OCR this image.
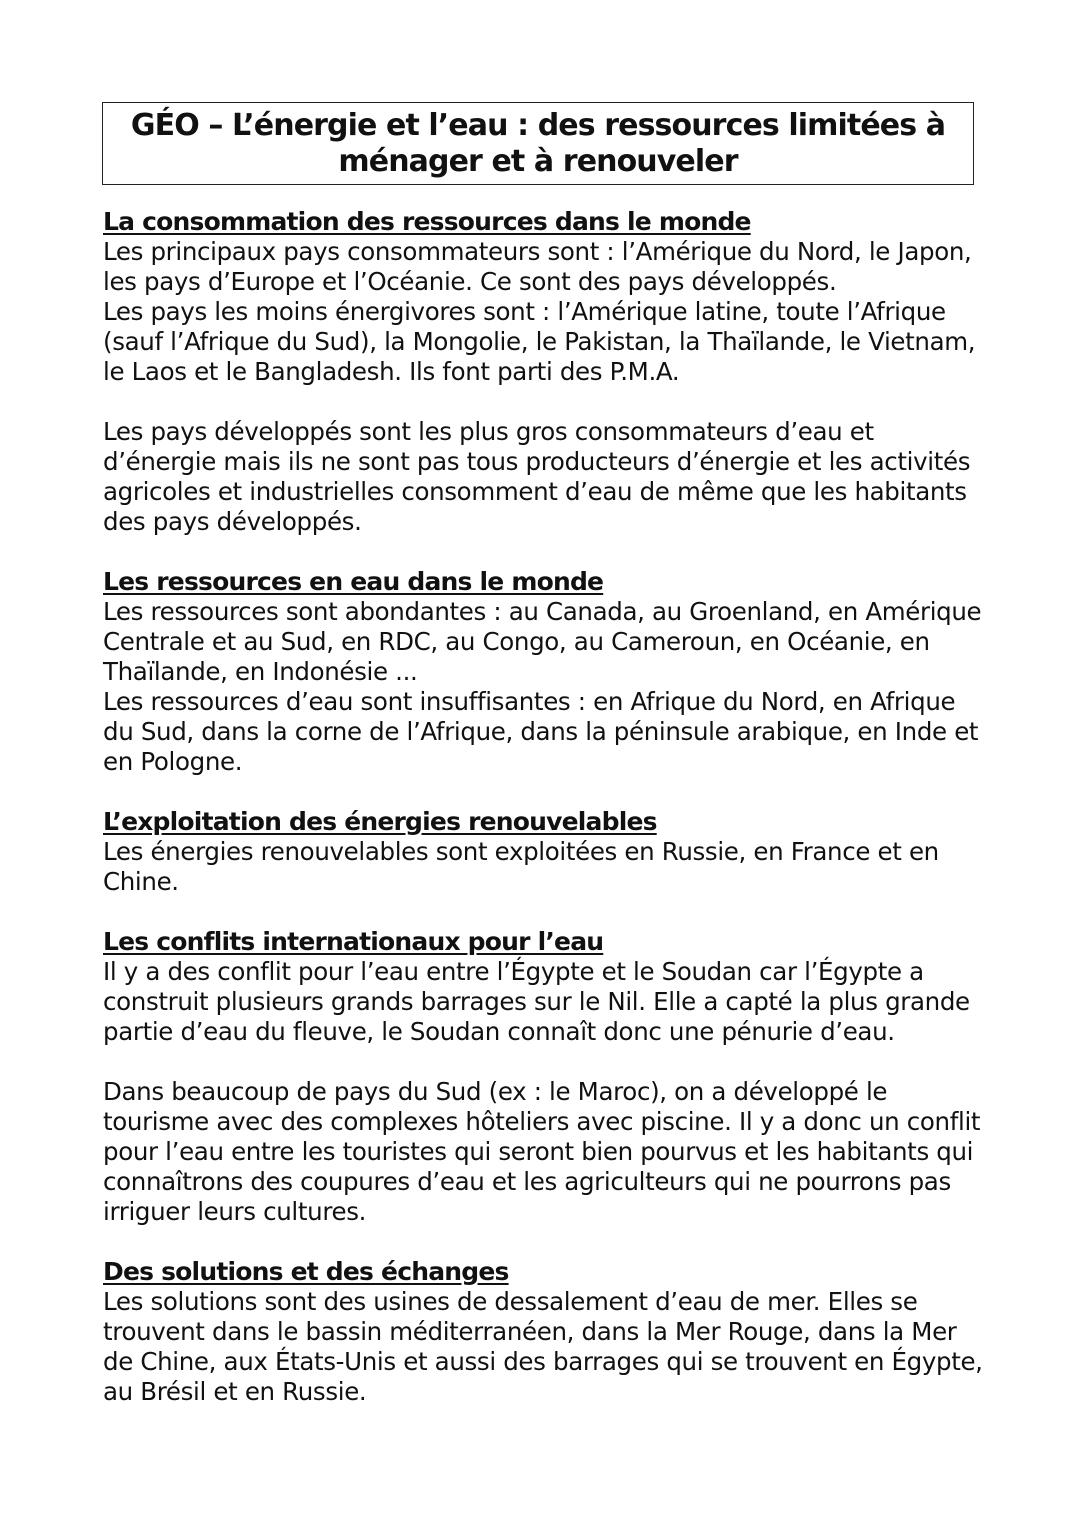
GÉO – L’énergie et l’eau : des ressources limitées à
ménager et à renouveler
La consommation des ressources dans le monde

Les principaux pays consommateurs sont : l’Amérique du Nord, le Japon, les pays d’Europe et l’Océanie. Ce sont des pays développés.

Les pays les moins énergivores sont : l’Amérique latine, toute l’Afrique (sauf l’Afrique du Sud), la Mongolie, le Pakistan, la Thaïlande, le Vietnam, le Laos et le Bangladesh. Ils font parti des P.M.A.

Les pays développés sont les plus gros consommateurs d’eau et d’énergie mais ils ne sont pas tous producteurs d’énergie et les activités agricoles et industrielles consomment d’eau de même que les habitants des pays développés.

Les ressources en eau dans le monde

Les ressources sont abondantes : au Canada, au Groenland, en Amérique Centrale et au Sud, en RDC, au Congo, au Cameroun, en Océanie, en Thaïlande, en Indonésie ...

Les ressources d’eau sont insuffisantes : en Afrique du Nord, en Afrique du Sud, dans la corne de l’Afrique, dans la péninsule arabique, en Inde et en Pologne.

L’exploitation des énergies renouvelables

Les énergies renouvelables sont exploitées en Russie, en France et en Chine.

Les conflits internationaux pour l’eau

Il y a des conflit pour l’eau entre l’Égypte et le Soudan car l’Égypte a construit plusieurs grands barrages sur le Nil. Elle a capté la plus grande partie d’eau du fleuve, le Soudan connaît donc une pénurie d’eau.

Dans beaucoup de pays du Sud (ex : le Maroc), on a développé le tourisme avec des complexes hôteliers avec piscine. Il y a donc un conflit pour l’eau entre les touristes qui seront bien pourvus et les habitants qui connaîtrons des coupures d’eau et les agriculteurs qui ne pourrons pas irriguer leurs cultures.

Des solutions et des échanges

Les solutions sont des usines de dessalement d’eau de mer. Elles se trouvent dans le bassin méditerranéen, dans la Mer Rouge, dans la Mer de Chine, aux États-Unis et aussi des barrages qui se trouvent en Égypte, au Brésil et en Russie.
